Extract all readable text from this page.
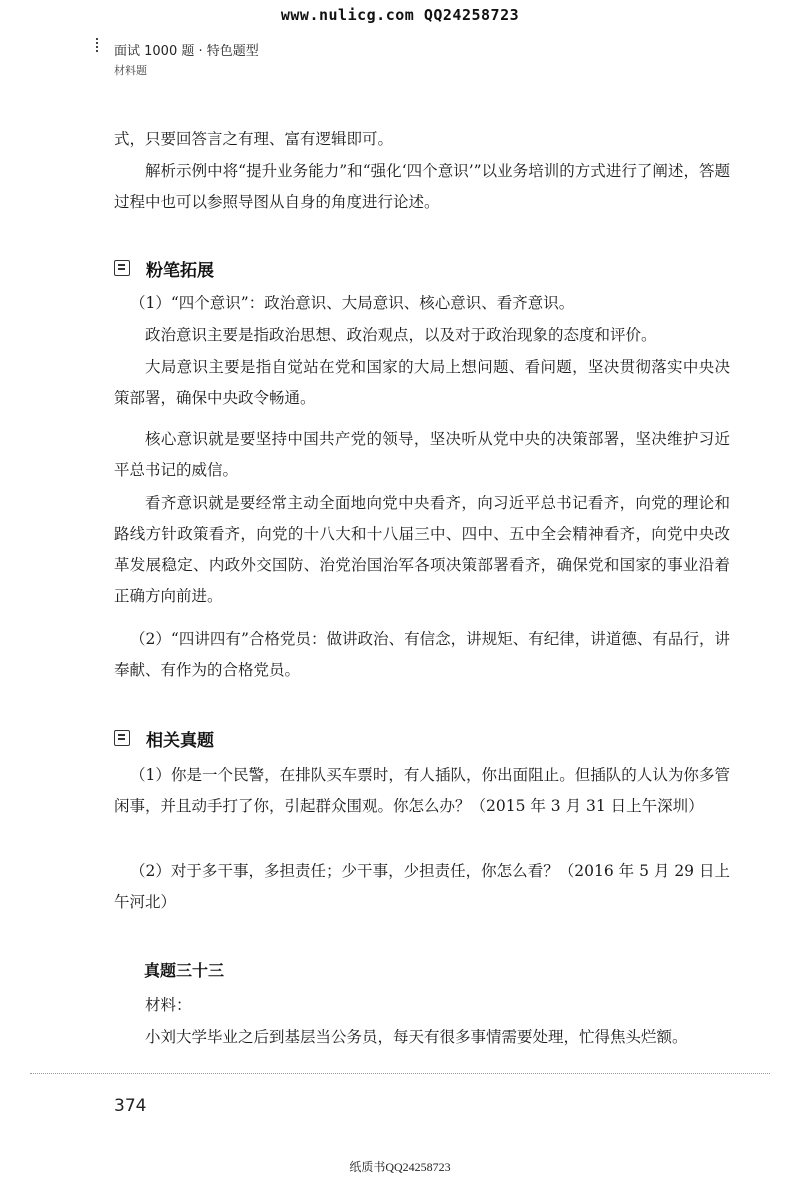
www.nulicg.com QQ24258723
面试 1000 题 · 特色题型
材料题
式，只要回答言之有理、富有逻辑即可。
解析示例中将“提升业务能力”和“强化‘四个意识’”以业务培训的方式进行了阐述，答题过程中也可以参照导图从自身的角度进行论述。
粉笔拓展
（1）“四个意识”：政治意识、大局意识、核心意识、看齐意识。
政治意识主要是指政治思想、政治观点，以及对于政治现象的态度和评价。
大局意识主要是指自觉站在党和国家的大局上想问题、看问题，坚决贯彻落实中央决策部署，确保中央政令畅通。
核心意识就是要坚持中国共产党的领导，坚决听从党中央的决策部署，坚决维护习近平总书记的威信。
看齐意识就是要经常主动全面地向党中央看齐，向习近平总书记看齐，向党的理论和路线方针政策看齐，向党的十八大和十八届三中、四中、五中全会精神看齐，向党中央改革发展稳定、内政外交国防、治党治国治军各项决策部署看齐，确保党和国家的事业沿着正确方向前进。
（2）“四讲四有”合格党员：做讲政治、有信念，讲规矩、有纪律，讲道德、有品行，讲奉献、有作为的合格党员。
相关真题
（1）你是一个民警，在排队买车票时，有人插队，你出面阻止。但插队的人认为你多管闲事，并且动手打了你，引起群众围观。你怎么办？（2015 年 3 月 31 日上午深圳）
（2）对于多干事，多担责任；少干事，少担责任，你怎么看？（2016 年 5 月 29 日上午河北）
真题三十三
材料：
小刘大学毕业之后到基层当公务员，每天有很多事情需要处理，忙得焦头烂额。
374
纸质书QQ24258723
